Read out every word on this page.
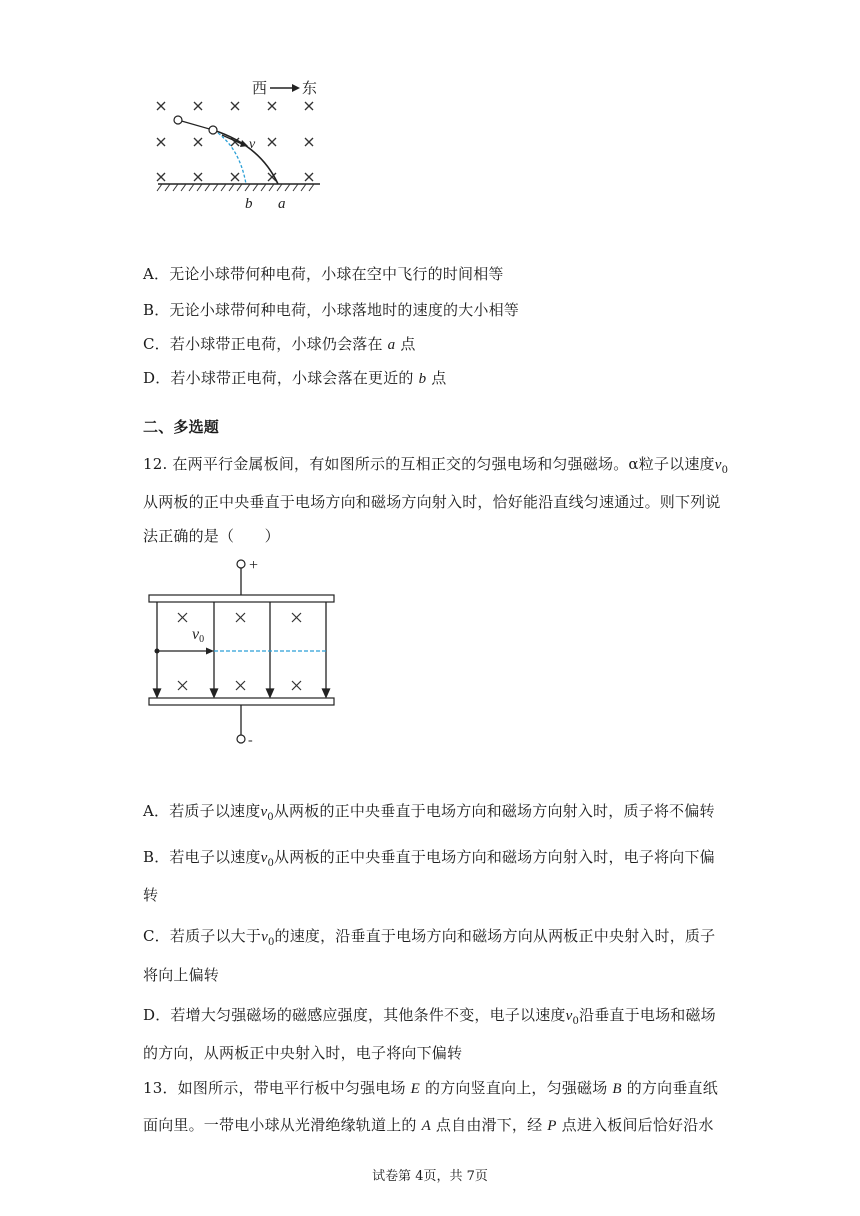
西 东
v
b a
A．无论小球带何种电荷，小球在空中飞行的时间相等
B．无论小球带何种电荷，小球落地时的速度的大小相等
C．若小球带正电荷，小球仍会落在 a 点
D．若小球带正电荷，小球会落在更近的 b 点
二、多选题
12. 在两平行金属板间，有如图所示的互相正交的匀强电场和匀强磁场。α粒子以速度$v_0$
从两板的正中央垂直于电场方向和磁场方向射入时，恰好能沿直线匀速通过。则下列说
法正确的是（　　）
+
-
v0
A．若质子以速度$v_0$从两板的正中央垂直于电场方向和磁场方向射入时，质子将不偏转
B．若电子以速度$v_0$从两板的正中央垂直于电场方向和磁场方向射入时，电子将向下偏
转
C．若质子以大于$v_0$的速度，沿垂直于电场方向和磁场方向从两板正中央射入时，质子
将向上偏转
D．若增大匀强磁场的磁感应强度，其他条件不变，电子以速度$v_0$沿垂直于电场和磁场
的方向，从两板正中央射入时，电子将向下偏转
13．如图所示，带电平行板中匀强电场 E 的方向竖直向上，匀强磁场 B 的方向垂直纸
面向里。一带电小球从光滑绝缘轨道上的 A 点自由滑下，经 P 点进入板间后恰好沿水
试卷第 4页，共 7页
